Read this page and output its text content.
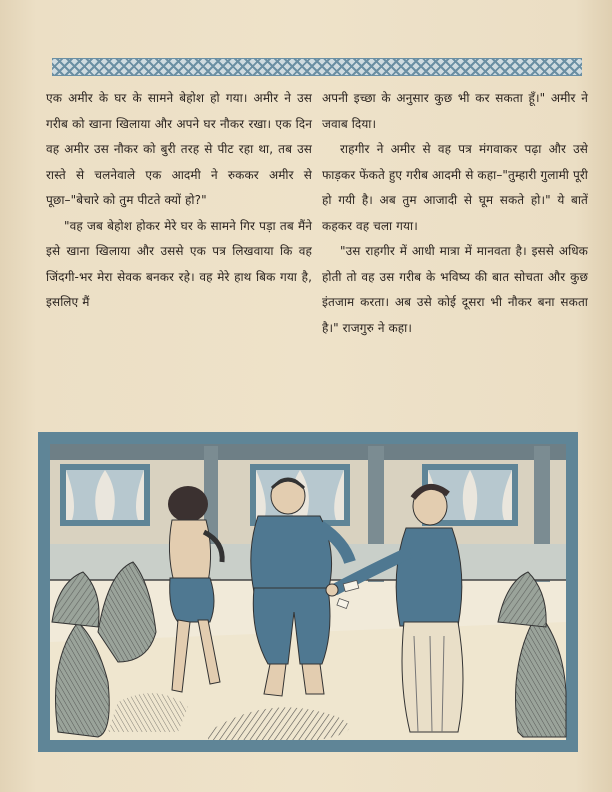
एक अमीर के घर के सामने बेहोश हो गया। अमीर ने उस गरीब को खाना खिलाया और अपने घर नौकर रखा। एक दिन वह अमीर उस नौकर को बुरी तरह से पीट रहा था, तब उस रास्ते से चलनेवाले एक आदमी ने रुककर अमीर से पूछा–"बेचारे को तुम पीटते क्यों हो?"

"वह जब बेहोश होकर मेरे घर के सामने गिर पड़ा तब मैंने इसे खाना खिलाया और उससे एक पत्र लिखवाया कि वह जिंदगी-भर मेरा सेवक बनकर रहे। वह मेरे हाथ बिक गया है, इसलिए मैं

अपनी इच्छा के अनुसार कुछ भी कर सकता हूँ।" अमीर ने जवाब दिया।

राहगीर ने अमीर से वह पत्र मंगवाकर पढ़ा और उसे फाड़कर फेंकते हुए गरीब आदमी से कहा–"तुम्हारी गुलामी पूरी हो गयी है। अब तुम आजादी से घूम सकते हो।" ये बातें कहकर वह चला गया।

"उस राहगीर में आधी मात्रा में मानवता है। इससे अधिक होती तो वह उस गरीब के भविष्य की बात सोचता और कुछ इंतजाम करता। अब उसे कोई दूसरा भी नौकर बना सकता है।" राजगुरु ने कहा।
